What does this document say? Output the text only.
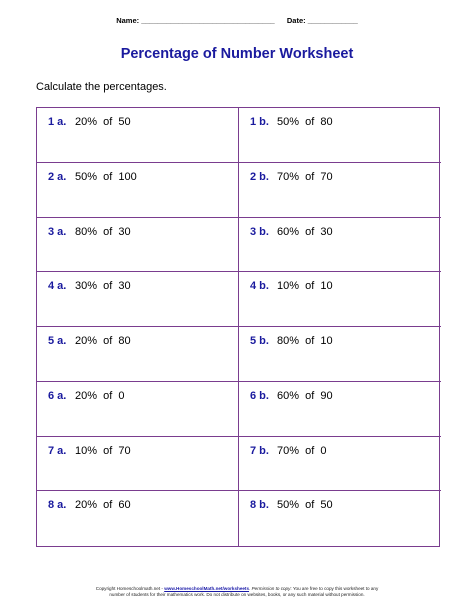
Name: ________________________________ Date: ____________
Percentage of Number Worksheet
Calculate the percentages.
1 a. 20%  of  50	1 b. 50%  of  80
2 a. 50%  of  100	2 b. 70%  of  70
3 a. 80%  of  30	3 b. 60%  of  30
4 a. 30%  of  30	4 b. 10%  of  10
5 a. 20%  of  80	5 b. 80%  of  10
6 a. 20%  of  0	6 b. 60%  of  90
7 a. 10%  of  70	7 b. 70%  of  0
8 a. 20%  of  60	8 b. 50%  of  50
Copyright Homeschoolmath.net - www.HomeschoolMath.net/worksheets. Permission to copy: You are free to copy this worksheet to any
number of students for their mathematics work. Do not distribute on websites, books, or any such material without permission.
